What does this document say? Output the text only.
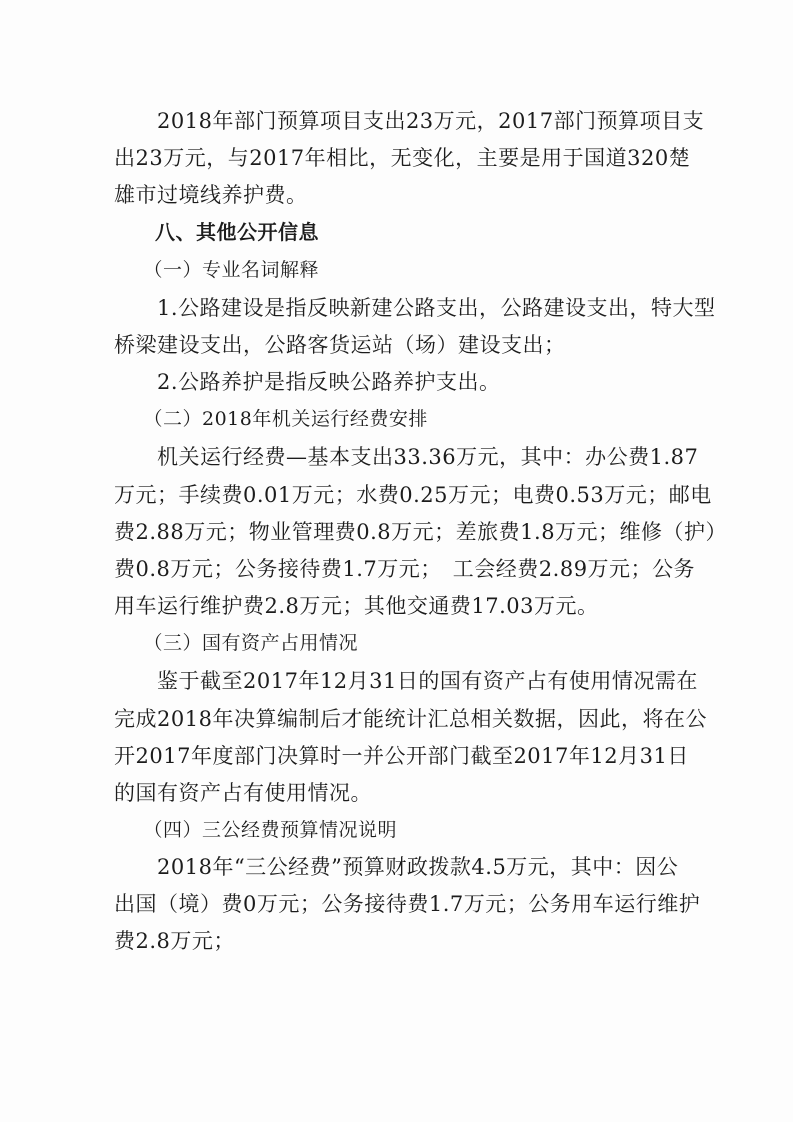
　　2018年部门预算项目支出23万元，2017部门预算项目支
出23万元，与2017年相比，无变化，主要是用于国道320楚
雄市过境线养护费。
　　八、其他公开信息
　　（一）专业名词解释
　　1.公路建设是指反映新建公路支出，公路建设支出，特大型
桥梁建设支出，公路客货运站（场）建设支出；
　　2.公路养护是指反映公路养护支出。
　　（二）2018年机关运行经费安排
　　机关运行经费—基本支出33.36万元，其中：办公费1.87
万元；手续费0.01万元；水费0.25万元；电费0.53万元；邮电
费2.88万元；物业管理费0.8万元；差旅费1.8万元；维修（护）
费0.8万元；公务接待费1.7万元；　工会经费2.89万元；公务
用车运行维护费2.8万元；其他交通费17.03万元。
　　（三）国有资产占用情况
　　鉴于截至2017年12月31日的国有资产占有使用情况需在
完成2018年决算编制后才能统计汇总相关数据，因此，将在公
开2017年度部门决算时一并公开部门截至2017年12月31日
的国有资产占有使用情况。
　　（四）三公经费预算情况说明
　　2018年“三公经费”预算财政拨款4.5万元，其中：因公
出国（境）费0万元；公务接待费1.7万元；公务用车运行维护
费2.8万元；
